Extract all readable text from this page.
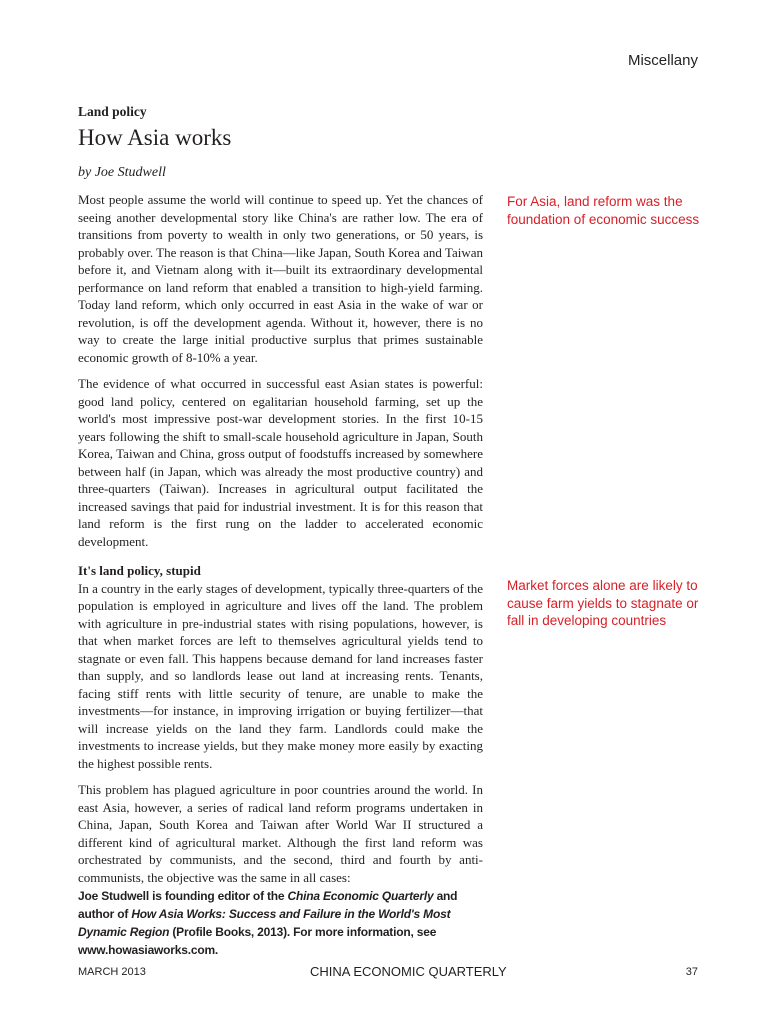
Miscellany
Land policy
How Asia works
by Joe Studwell

Most people assume the world will continue to speed up. Yet the chances of seeing another developmental story like China's are rather low. The era of transitions from poverty to wealth in only two generations, or 50 years, is probably over. The reason is that China—like Japan, South Korea and Taiwan before it, and Vietnam along with it—built its extraordinary developmental performance on land reform that enabled a transition to high-yield farming. Today land reform, which only occurred in east Asia in the wake of war or revolution, is off the development agenda. Without it, however, there is no way to create the large initial productive surplus that primes sustainable economic growth of 8-10% a year.

The evidence of what occurred in successful east Asian states is powerful: good land policy, centered on egalitarian household farming, set up the world's most impressive post-war development stories. In the first 10-15 years following the shift to small-scale household agriculture in Japan, South Korea, Taiwan and China, gross output of foodstuffs increased by somewhere between half (in Japan, which was already the most productive country) and three-quarters (Taiwan). Increases in agricultural output facilitated the increased savings that paid for industrial investment. It is for this reason that land reform is the first rung on the ladder to accelerated economic development.

It's land policy, stupid

In a country in the early stages of development, typically three-quarters of the population is employed in agriculture and lives off the land. The problem with agriculture in pre-industrial states with rising populations, however, is that when market forces are left to themselves agricultural yields tend to stagnate or even fall. This happens because demand for land increases faster than supply, and so landlords lease out land at increasing rents. Tenants, facing stiff rents with little security of tenure, are unable to make the investments—for instance, in improving irrigation or buying fertilizer—that will increase yields on the land they farm. Landlords could make the investments to increase yields, but they make money more easily by exacting the highest possible rents.

This problem has plagued agriculture in poor countries around the world. In east Asia, however, a series of radical land reform programs undertaken in China, Japan, South Korea and Taiwan after World War II structured a different kind of agricultural market. Although the first land reform was orchestrated by communists, and the second, third and fourth by anti-communists, the objective was the same in all cases:

For Asia, land reform was the foundation of economic success
Market forces alone are likely to cause farm yields to stagnate or fall in developing countries
Joe Studwell is founding editor of the China Economic Quarterly and author of How Asia Works: Success and Failure in the World's Most Dynamic Region (Profile Books, 2013). For more information, see www.howasiaworks.com.
MARCH 2013	CHINA ECONOMIC QUARTERLY	37
